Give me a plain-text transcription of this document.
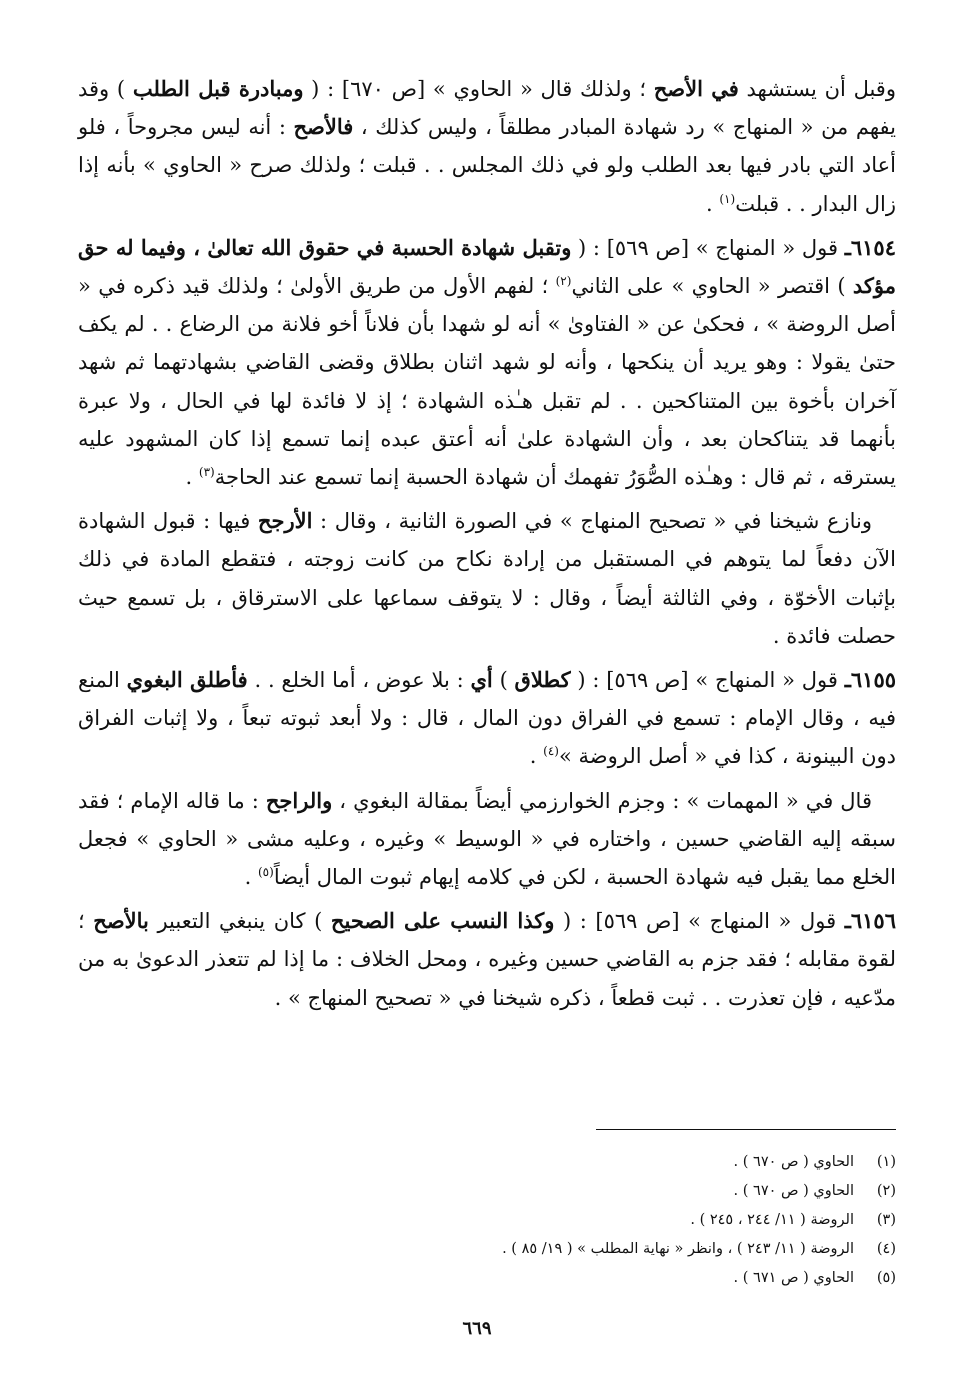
وقبل أن يستشهد في الأصح ؛ ولذلك قال « الحاوي » [ص ٦٧٠] : ( ومبادرة قبل الطلب ) وقد يفهم من « المنهاج » رد شهادة المبادر مطلقاً ، وليس كذلك ، فالأصح : أنه ليس مجروحاً ، فلو أعاد التي بادر فيها بعد الطلب ولو في ذلك المجلس . . قبلت ؛ ولذلك صرح « الحاوي » بأنه إذا زال البدار . . قبلت$^{(١)}$ .

٦١٥٤ـ قول « المنهاج » [ص ٥٦٩] : ( وتقبل شهادة الحسبة في حقوق الله تعالىٰ ، وفيما له حق مؤكد ) اقتصر « الحاوي » على الثاني$^{(٢)}$ ؛ لفهم الأول من طريق الأولىٰ ؛ ولذلك قيد ذكره في « أصل الروضة » ، فحكىٰ عن « الفتاوىٰ » أنه لو شهدا بأن فلاناً أخو فلانة من الرضاع . . لم يكف حتىٰ يقولا : وهو يريد أن ينكحها ، وأنه لو شهد اثنان بطلاق وقضى القاضي بشهادتهما ثم شهد آخران بأخوة بين المتناكحين . . لم تقبل هـٰذه الشهادة ؛ إذ لا فائدة لها في الحال ، ولا عبرة بأنهما قد يتناكحان بعد ، وأن الشهادة علىٰ أنه أعتق عبده إنما تسمع إذا كان المشهود عليه يسترقه ، ثم قال : وهـٰذه الصُّوَرُ تفهمك أن شهادة الحسبة إنما تسمع عند الحاجة$^{(٣)}$ .

ونازع شيخنا في « تصحيح المنهاج » في الصورة الثانية ، وقال : الأرجح فيها : قبول الشهادة الآن دفعاً لما يتوهم في المستقبل من إرادة نكاح من كانت زوجته ، فتقطع المادة في ذلك بإثبات الأخوّة ، وفي الثالثة أيضاً ، وقال : لا يتوقف سماعها على الاسترقاق ، بل تسمع حيث حصلت فائدة .

٦١٥٥ـ قول « المنهاج » [ص ٥٦٩] : ( كطلاق ) أي : بلا عوض ، أما الخلع . . فأطلق البغوي المنع فيه ، وقال الإمام : تسمع في الفراق دون المال ، قال : ولا أبعد ثبوته تبعاً ، ولا إثبات الفراق دون البينونة ، كذا في « أصل الروضة »$^{(٤)}$ .

قال في « المهمات » : وجزم الخوارزمي أيضاً بمقالة البغوي ، والراجح : ما قاله الإمام ؛ فقد سبقه إليه القاضي حسين ، واختاره في « الوسيط » وغيره ، وعليه مشى « الحاوي » فجعل الخلع مما يقبل فيه شهادة الحسبة ، لكن في كلامه إيهام ثبوت المال أيضاً$^{(٥)}$ .

٦١٥٦ـ قول « المنهاج » [ص ٥٦٩] : ( وكذا النسب على الصحيح ) كان ينبغي التعبير بالأصح ؛ لقوة مقابله ؛ فقد جزم به القاضي حسين وغيره ، ومحل الخلاف : ما إذا لم تتعذر الدعوىٰ به من مدّعيه ، فإن تعذرت . . ثبت قطعاً ، ذكره شيخنا في « تصحيح المنهاج » .

(١)
الحاوي ( ص ٦٧٠ ) .
(٢)
الحاوي ( ص ٦٧٠ ) .
(٣)
الروضة ( ١١/ ٢٤٤ ، ٢٤٥ ) .
(٤)
الروضة ( ١١/ ٢٤٣ ) ، وانظر « نهاية المطلب » ( ١٩/ ٨٥ ) .
(٥)
الحاوي ( ص ٦٧١ ) .
٦٦٩
